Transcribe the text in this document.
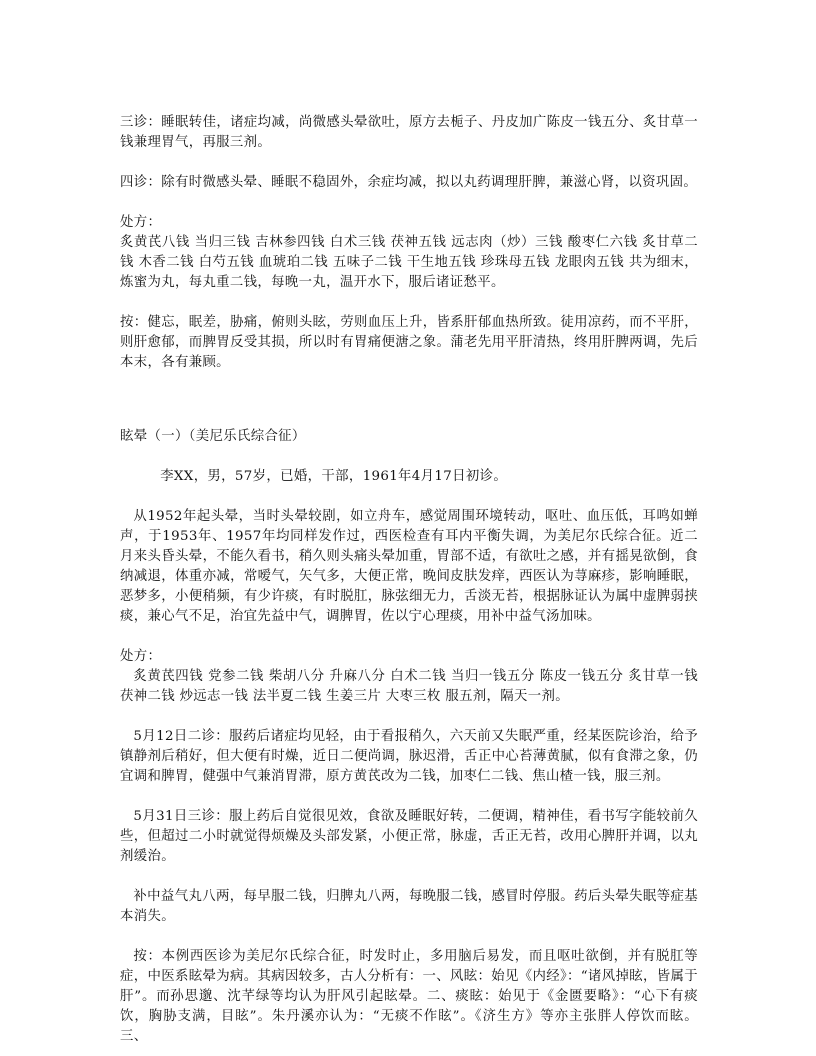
三诊：睡眠转佳，诸症均减，尚微感头晕欲吐，原方去栀子、丹皮加广陈皮一钱五分、炙甘草一钱兼理胃气，再服三剂。

四诊：除有时微感头晕、睡眠不稳固外，余症均减，拟以丸药调理肝脾，兼滋心肾，以资巩固。

处方：

炙黄芪八钱 当归三钱 吉林参四钱 白术三钱 茯神五钱 远志肉（炒）三钱 酸枣仁六钱 炙甘草二钱 木香二钱 白芍五钱 血琥珀二钱 五味子二钱 干生地五钱 珍珠母五钱 龙眼肉五钱 共为细末，炼蜜为丸，每丸重二钱，每晚一丸，温开水下，服后诸证愁平。

按：健忘，眠差，胁痛，俯则头眩，劳则血压上升，皆系肝郁血热所致。徒用凉药，而不平肝，则肝愈郁，而脾胃反受其损，所以时有胃痛便溏之象。蒲老先用平肝清热，终用肝脾两调，先后本末，各有兼顾。

眩晕（一）（美尼乐氏综合征）

李XX，男，57岁，已婚，干部，1961年4月17日初诊。

从1952年起头晕，当时头晕较剧，如立舟车，感觉周围环境转动，呕吐、血压低，耳鸣如蝉声，于1953年、1957年均同样发作过，西医检查有耳内平衡失调，为美尼尔氏综合征。近二月来头昏头晕，不能久看书，稍久则头痛头晕加重，胃部不适，有欲吐之感，并有摇晃欲倒，食纳减退，体重亦减，常嗳气，矢气多，大便正常，晚间皮肤发痒，西医认为荨麻疹，影响睡眠，恶梦多，小便稍频，有少许痰，有时脱肛，脉弦细无力，舌淡无苔，根据脉证认为属中虚脾弱挟痰，兼心气不足，治宜先益中气，调脾胃，佐以宁心理痰，用补中益气汤加味。

处方：

炙黄芪四钱 党参二钱 柴胡八分 升麻八分 白术二钱 当归一钱五分 陈皮一钱五分 炙甘草一钱 茯神二钱 炒远志一钱 法半夏二钱 生姜三片 大枣三枚 服五剂，隔天一剂。

5月12日二诊：服药后诸症均见轻，由于看报稍久，六天前又失眠严重，经某医院诊治，给予镇静剂后稍好，但大便有时燥，近日二便尚调，脉迟滑，舌正中心苔薄黄腻，似有食滞之象，仍宜调和脾胃，健强中气兼消胃滞，原方黄芪改为二钱，加枣仁二钱、焦山楂一钱，服三剂。

5月31日三诊：服上药后自觉很见效，食欲及睡眠好转，二便调，精神佳，看书写字能较前久些，但超过二小时就觉得烦燥及头部发紧，小便正常，脉虚，舌正无苔，改用心脾肝并调，以丸剂缓治。

补中益气丸八两，每早服二钱，归脾丸八两，每晚服二钱，感冒时停服。药后头晕失眠等症基本消失。

按：本例西医诊为美尼尔氏综合征，时发时止，多用脑后易发，而且呕吐欲倒，并有脱肛等症，中医系眩晕为病。其病因较多，古人分析有：一、风眩：始见《内经》：“诸风掉眩，皆属于肝”。而孙思邈、沈芊绿等均认为肝风引起眩晕。二、痰眩：始见于《金匮要略》：“心下有痰饮，胸胁支满，目眩”。朱丹溪亦认为：“无痰不作眩”。《济生方》等亦主张胖人停饮而眩。三、
